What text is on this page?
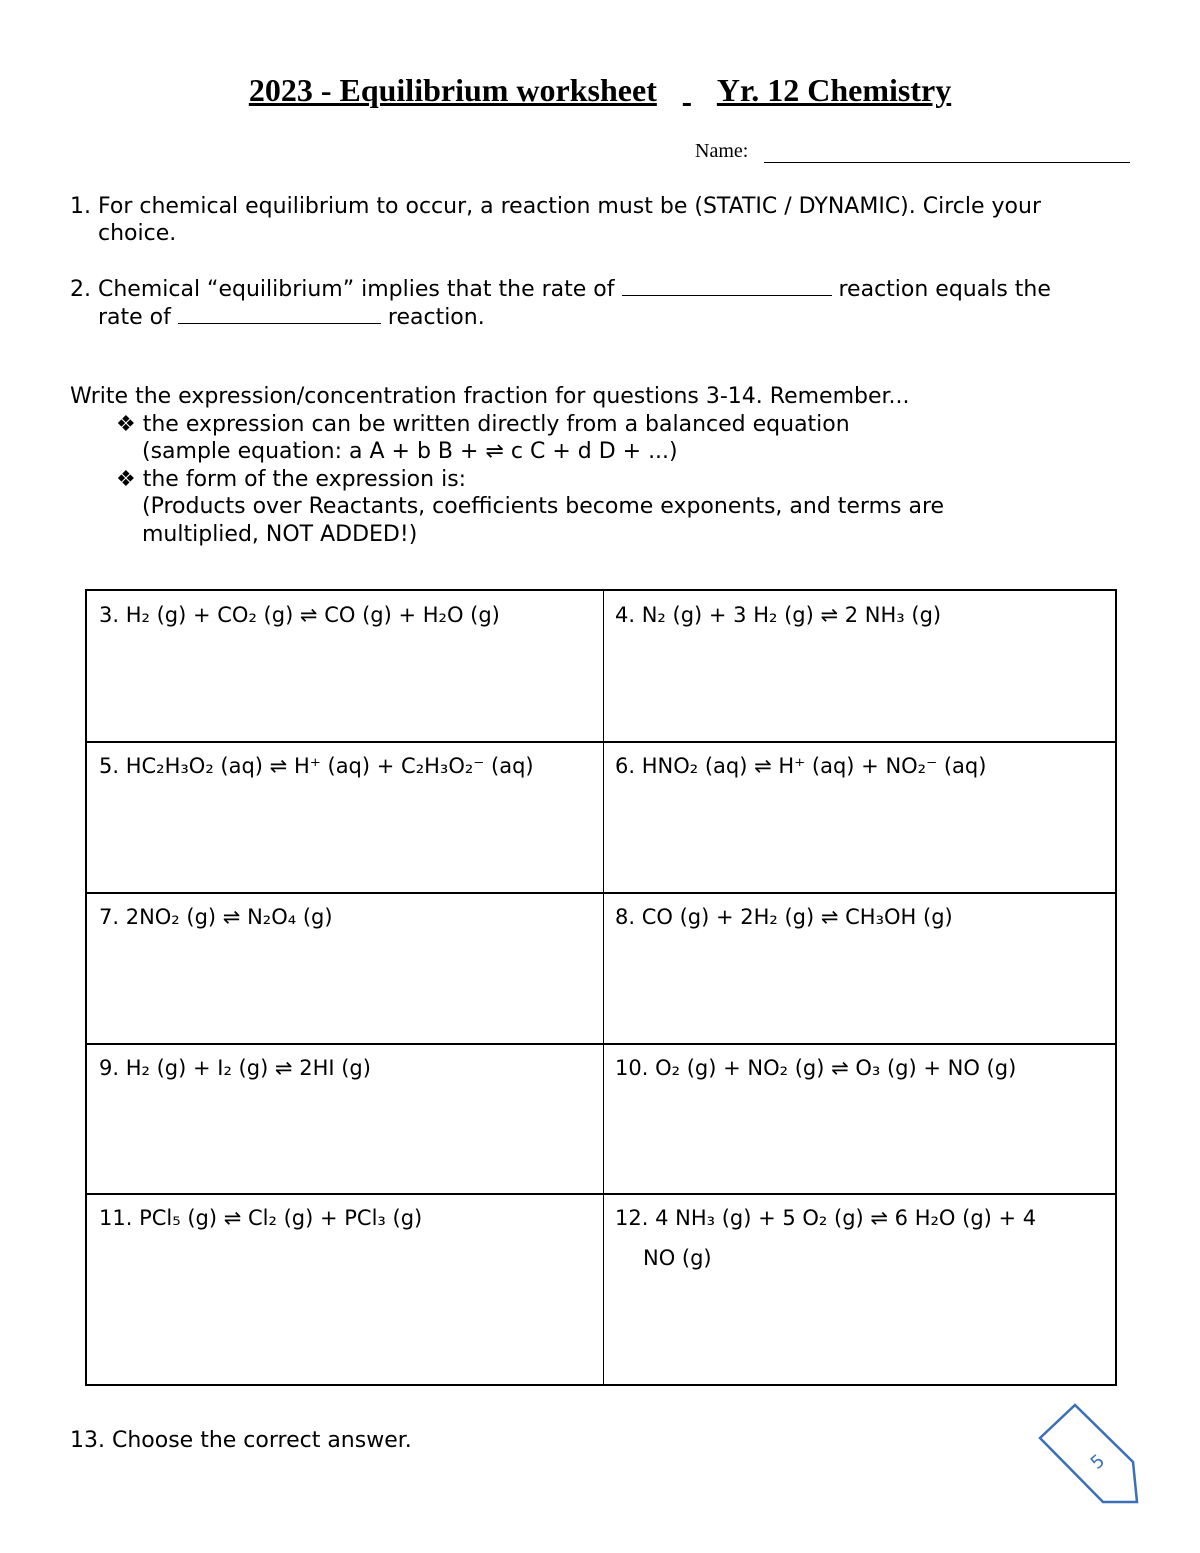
2023 - Equilibrium worksheet Yr. 12 Chemistry
Name:
1. For chemical equilibrium to occur, a reaction must be (STATIC / DYNAMIC). Circle your
choice.
2. Chemical “equilibrium” implies that the rate of	reaction equals the
rate of	reaction.
Write the expression/concentration fraction for questions 3-14. Remember...
❖ the expression can be written directly from a balanced equation
(sample equation: a A + b B + ⇌ c C + d D + ...)
❖ the form of the expression is:
(Products over Reactants, coefficients become exponents, and terms are
multiplied, NOT ADDED!)
3. H₂ (g) + CO₂ (g) ⇌ CO (g) + H₂O (g)	4. N₂ (g) + 3 H₂ (g) ⇌ 2 NH₃ (g)
5. HC₂H₃O₂ (aq) ⇌ H⁺ (aq) + C₂H₃O₂⁻ (aq)	6. HNO₂ (aq) ⇌ H⁺ (aq) + NO₂⁻ (aq)
7. 2NO₂ (g) ⇌ N₂O₄ (g)	8. CO (g) + 2H₂ (g) ⇌ CH₃OH (g)
9. H₂ (g) + I₂ (g) ⇌ 2HI (g)	10. O₂ (g) + NO₂ (g) ⇌ O₃ (g) + NO (g)
11. PCl₅ (g) ⇌ Cl₂ (g) + PCl₃ (g)	12. 4 NH₃ (g) + 5 O₂ (g) ⇌ 6 H₂O (g) + 4
NO (g)
13. Choose the correct answer.
5
